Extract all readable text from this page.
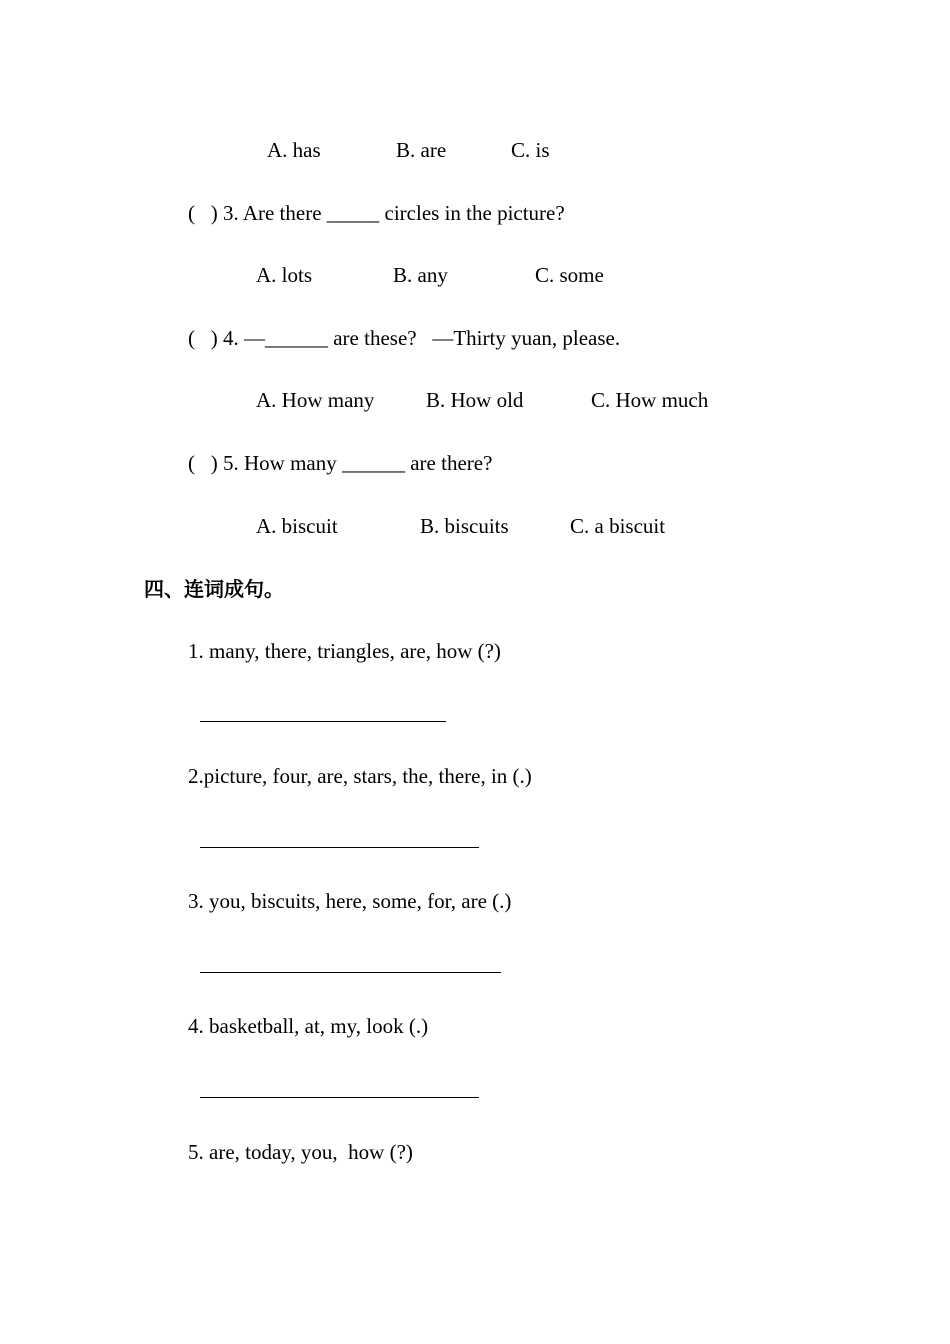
A. has	B. are	C. is
(   ) 3. Are there _____ circles in the picture?
A. lots	B. any	C. some
(   ) 4. —______ are these?   —Thirty yuan, please.
A. How many B. How old	C. How much
(   ) 5. How many ______ are there?
A. biscuit	B. biscuits	C. a biscuit
四、连词成句。
1. many, there, triangles, are, how (?)
2.picture, four, are, stars, the, there, in (.)
3. you, biscuits, here, some, for, are (.)
4. basketball, at, my, look (.)
5. are, today, you,  how (?)
